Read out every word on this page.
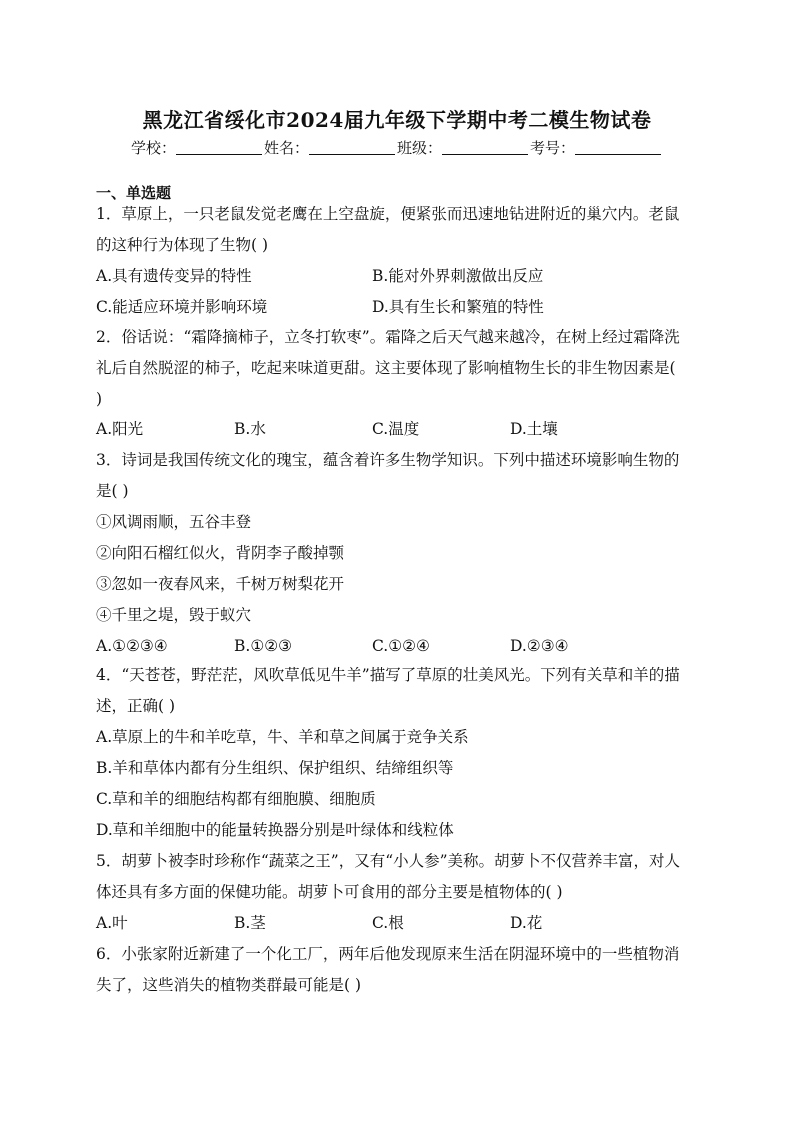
黑龙江省绥化市2024届九年级下学期中考二模生物试卷
学校：	姓名：	班级：	考号：
一、单选题
1．草原上，一只老鼠发觉老鹰在上空盘旋，便紧张而迅速地钻进附近的巢穴内。老鼠
的这种行为体现了生物( )
A.具有遗传变异的特性	B.能对外界刺激做出反应
C.能适应环境并影响环境	D.具有生长和繁殖的特性
2．俗话说：“霜降摘柿子，立冬打软枣”。霜降之后天气越来越冷，在树上经过霜降洗
礼后自然脱涩的柿子，吃起来味道更甜。这主要体现了影响植物生长的非生物因素是(
)
A.阳光	B.水	C.温度	D.土壤
3．诗词是我国传统文化的瑰宝，蕴含着许多生物学知识。下列中描述环境影响生物的
是( )
①风调雨顺，五谷丰登
②向阳石榴红似火，背阴李子酸掉颚
③忽如一夜春风来，千树万树梨花开
④千里之堤，毁于蚁穴
A.①②③④	B.①②③	C.①②④	D.②③④
4．“天苍苍，野茫茫，风吹草低见牛羊”描写了草原的壮美风光。下列有关草和羊的描
述，正确( )
A.草原上的牛和羊吃草，牛、羊和草之间属于竞争关系
B.羊和草体内都有分生组织、保护组织、结缔组织等
C.草和羊的细胞结构都有细胞膜、细胞质
D.草和羊细胞中的能量转换器分别是叶绿体和线粒体
5．胡萝卜被李时珍称作“蔬菜之王”，又有“小人参”美称。胡萝卜不仅营养丰富，对人
体还具有多方面的保健功能。胡萝卜可食用的部分主要是植物体的( )
A.叶	B.茎	C.根	D.花
6．小张家附近新建了一个化工厂，两年后他发现原来生活在阴湿环境中的一些植物消
失了，这些消失的植物类群最可能是( )
